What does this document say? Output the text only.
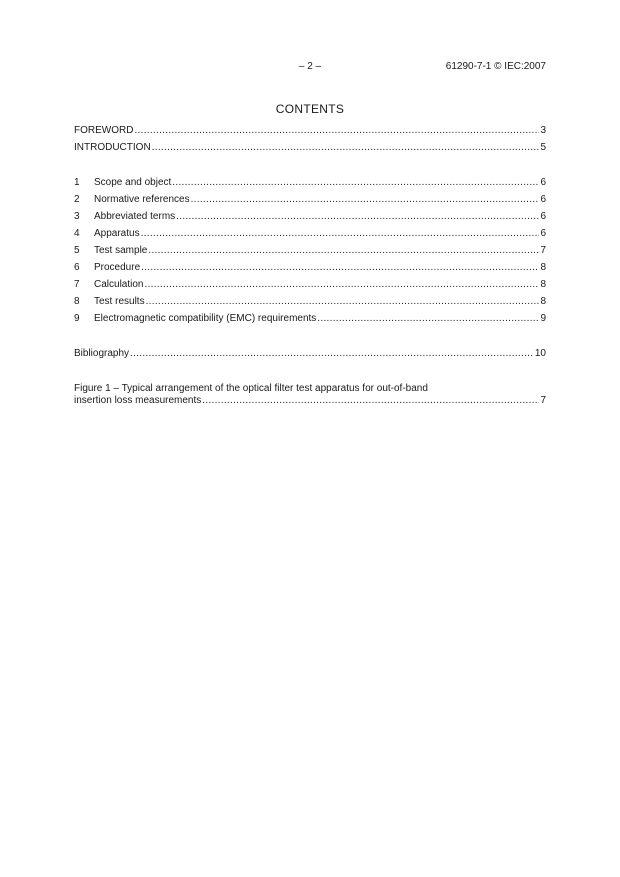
– 2 –	61290-7-1 © IEC:2007
CONTENTS
FOREWORD .....	3
INTRODUCTION .....	5
1	Scope and object .....	6
2	Normative references .....	6
3	Abbreviated terms .....	6
4	Apparatus .....	6
5	Test sample .....	7
6	Procedure .....	8
7	Calculation .....	8
8	Test results .....	8
9	Electromagnetic compatibility (EMC) requirements .....	9
Bibliography .....	10
Figure 1 – Typical arrangement of the optical filter test apparatus for out-of-band
insertion loss measurements .....	7
